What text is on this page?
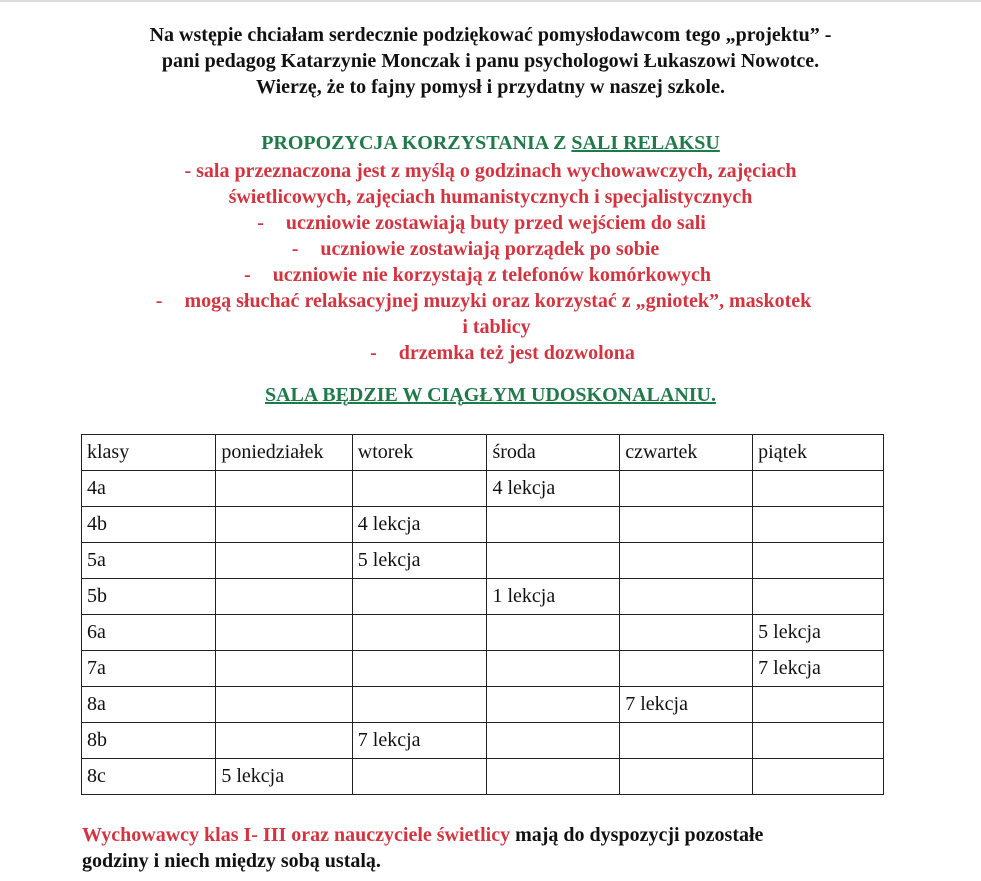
Na wstępie chciałam serdecznie podziękować pomysłodawcom tego „projektu” -

pani pedagog Katarzynie Monczak i panu psychologowi Łukaszowi Nowotce.

Wierzę, że to fajny pomysł i przydatny w naszej szkole.

PROPOZYCJA KORZYSTANIA Z SALI RELAKSU

- sala przeznaczona jest z myślą o godzinach wychowawczych, zajęciach

świetlicowych, zajęciach humanistycznych i specjalistycznych

- uczniowie zostawiają buty przed wejściem do sali

- uczniowie zostawiają porządek po sobie

- uczniowie nie korzystają z telefonów komórkowych

- mogą słuchać relaksacyjnej muzyki oraz korzystać z „gniotek”, maskotek

i tablicy

- drzemka też jest dozwolona

SALA BĘDZIE W CIĄGŁYM UDOSKONALANIU.
klasy	poniedziałek	wtorek	środa	czwartek	piątek
4a			4 lekcja		
4b		4 lekcja			
5a		5 lekcja			
5b			1 lekcja		
6a					5 lekcja
7a					7 lekcja
8a				7 lekcja	
8b		7 lekcja			
8c	5 lekcja				
Wychowawcy klas I- III oraz nauczyciele świetlicy mają do dyspozycji pozostałe
godziny i niech między sobą ustalą.
